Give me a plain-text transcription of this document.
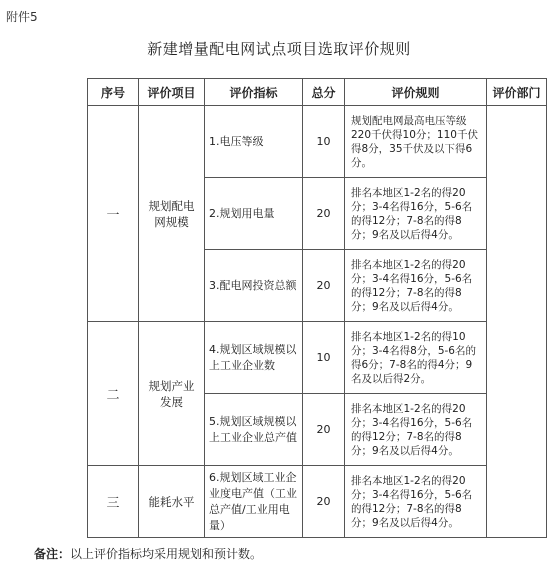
附件5
新建增量配电网试点项目选取评价规则
序号	评价项目	评价指标	总分	评价规则	评价部门
一	规划配电网规模	1.电压等级	10	规划配电网最高电压等级220千伏得10分；110千伏得8分，35千伏及以下得6分。	
		2.规划用电量	20	排名本地区1-2名的得20分；3-4名得16分，5-6名的得12分；7-8名的得8分；9名及以后得4分。	
		3.配电网投资总额	20	排名本地区1-2名的得20分；3-4名得16分，5-6名的得12分；7-8名的得8分；9名及以后得4分。	
二	规划产业发展	4.规划区域规模以上工业企业数	10	排名本地区1-2名的得10分；3-4名得8分，5-6名的得6分；7-8名的得4分；9名及以后得2分。	
		5.规划区域规模以上工业企业总产值	20	排名本地区1-2名的得20分；3-4名得16分，5-6名的得12分；7-8名的得8分；9名及以后得4分。	
三	能耗水平	6.规划区域工业企业度电产值（工业总产值/工业用电量）	20	排名本地区1-2名的得20分；3-4名得16分，5-6名的得12分；7-8名的得8分；9名及以后得4分。	
备注：以上评价指标均采用规划和预计数。
